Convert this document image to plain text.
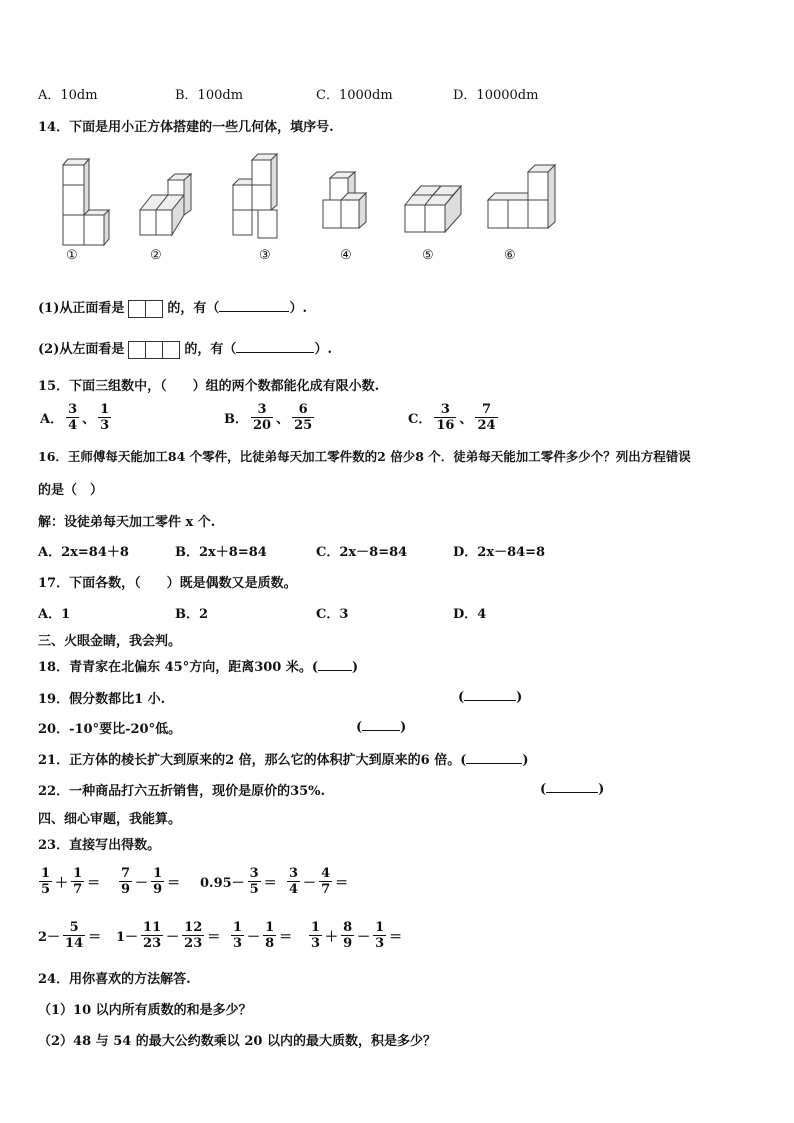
A．10dm	B．100dm	C．1000dm	D．10000dm
14．下面是用小正方体搭建的一些几何体，填序号.
①	②	③	④	⑤	⑥
(1)从正面看是	的，有（	）.
(2)从左面看是	的，有（	）.
15．下面三组数中，（　　）组的两个数都能化成有限小数.
A． $\frac{3}{4}$ 、 $\frac{1}{3}$	B． $\frac{3}{20}$ 、 $\frac{6}{25}$	C． $\frac{3}{16}$ 、 $\frac{7}{24}$
16．王师傅每天能加工84 个零件，比徒弟每天加工零件数的2 倍少8 个．徒弟每天能加工零件多少个？列出方程错误
的是（　）
解：设徒弟每天加工零件 x 个.
A．2x=84＋8	B．2x＋8=84	C．2x－8=84	D．2x－84=8
17．下面各数，（　　）既是偶数又是质数。
A．1	B．2	C．3	D．4
三、火眼金睛，我会判。
18．青青家在北偏东 45°方向，距离300 米。(	)
19．假分数都比1 小.	(	)
20．-10°要比-20°低。	(	)
21．正方体的棱长扩大到原来的2 倍，那么它的体积扩大到原来的6 倍。(	)
22．一种商品打六五折销售，现价是原价的35%.	(	)
四、细心审题，我能算。
23．直接写出得数。
$\frac{1}{5} + \frac{1}{7} = \frac{7}{9} - \frac{1}{9} = 0.95- \frac{3}{5} = \frac{3}{4} - \frac{4}{7}$ ＝
$2- \frac{5}{14} = 1- \frac{11}{23} - \frac{12}{23} = \frac{1}{3} - \frac{1}{8} = \frac{1}{3} + \frac{8}{9} - \frac{1}{3}$ ＝
24．用你喜欢的方法解答.
（1）10 以内所有质数的和是多少？
（2）48 与 54 的最大公约数乘以 20 以内的最大质数，积是多少？
